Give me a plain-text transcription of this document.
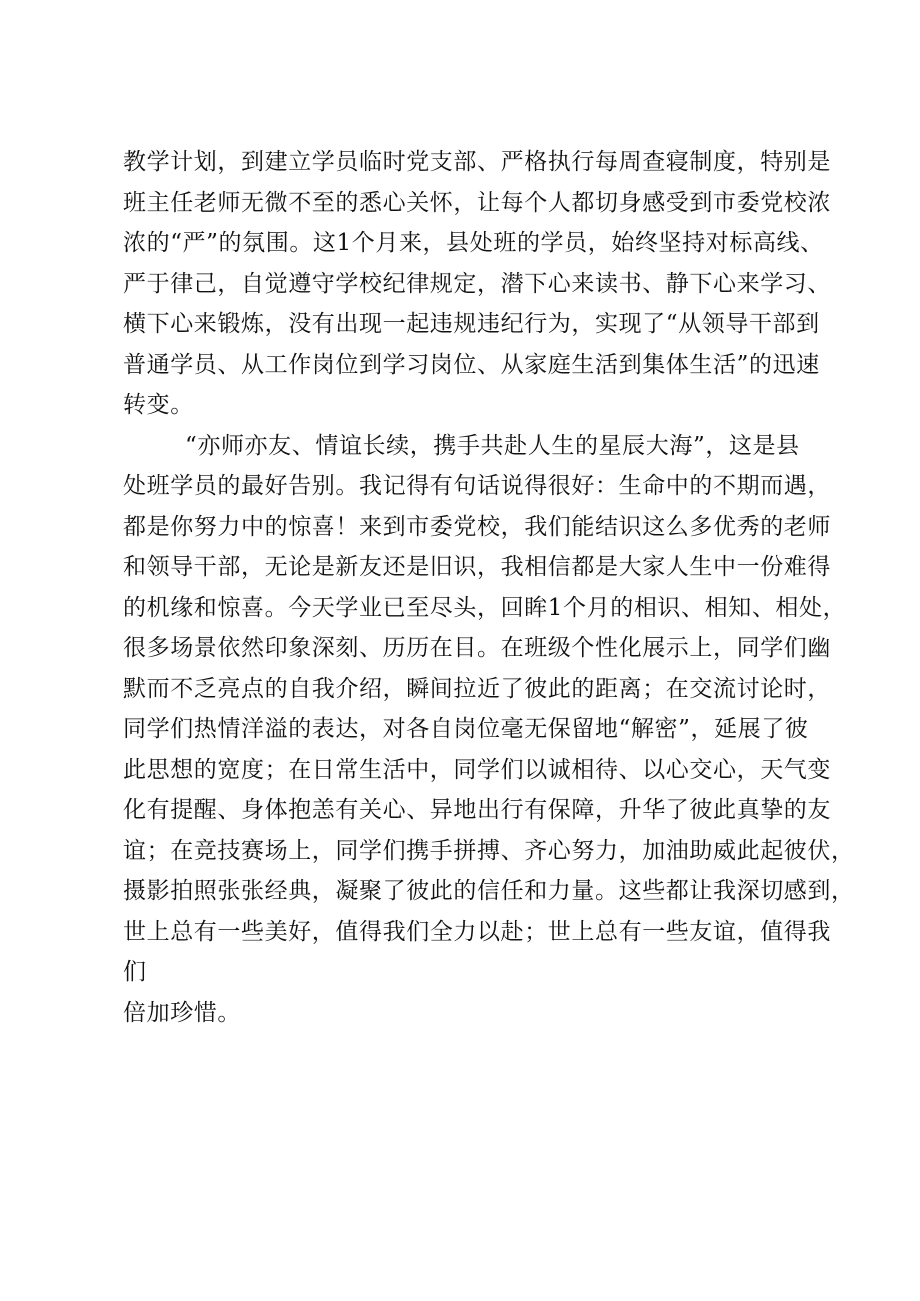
教学计划，到建立学员临时党支部、严格执行每周查寝制度，特别是
班主任老师无微不至的悉心关怀，让每个人都切身感受到市委党校浓
浓的“严”的氛围。这1个月来，县处班的学员，始终坚持对标高线、
严于律己，自觉遵守学校纪律规定，潜下心来读书、静下心来学习、
横下心来锻炼，没有出现一起违规违纪行为，实现了“从领导干部到
普通学员、从工作岗位到学习岗位、从家庭生活到集体生活”的迅速
转变。
“亦师亦友、情谊长续，携手共赴人生的星辰大海”，这是县
处班学员的最好告别。我记得有句话说得很好：生命中的不期而遇，
都是你努力中的惊喜！来到市委党校，我们能结识这么多优秀的老师
和领导干部，无论是新友还是旧识，我相信都是大家人生中一份难得
的机缘和惊喜。今天学业已至尽头，回眸1个月的相识、相知、相处，
很多场景依然印象深刻、历历在目。在班级个性化展示上，同学们幽
默而不乏亮点的自我介绍，瞬间拉近了彼此的距离；在交流讨论时，
同学们热情洋溢的表达，对各自岗位毫无保留地“解密”，延展了彼
此思想的宽度；在日常生活中，同学们以诚相待、以心交心，天气变
化有提醒、身体抱恙有关心、异地出行有保障，升华了彼此真挚的友
谊；在竞技赛场上，同学们携手拼搏、齐心努力，加油助威此起彼伏，
摄影拍照张张经典，凝聚了彼此的信任和力量。这些都让我深切感到，
世上总有一些美好，值得我们全力以赴；世上总有一些友谊，值得我
们
倍加珍惜。
